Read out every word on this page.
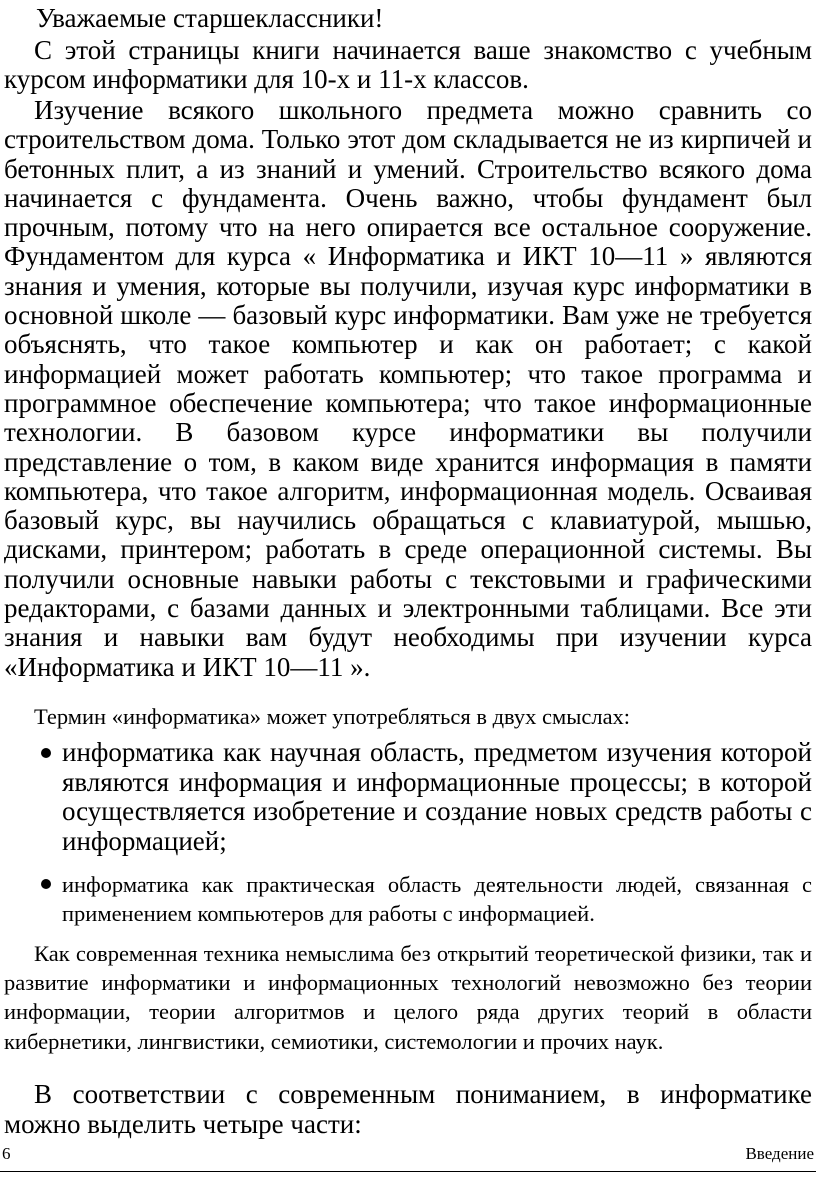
Уважаемые старшеклассники!

С этой страницы книги начинается ваше знакомство с учебным курсом информатики для 10-х и 11-х классов.

Изучение всякого школьного предмета можно сравнить со строительством дома. Только этот дом складывается не из кирпичей и бетонных плит, а из знаний и умений. Строительство всякого дома начинается с фундамента. Очень важно, чтобы фундамент был прочным, потому что на него опирается все остальное сооружение. Фундаментом для курса « Информатика и ИКТ 10—11 » являются знания и умения, которые вы получили, изучая курс информатики в основной школе — базовый курс информатики. Вам уже не требуется объяснять, что такое компьютер и как он работает; с какой информацией может работать компьютер; что такое программа и программное обеспечение компьютера; что такое информационные технологии. В базовом курсе информатики вы получили представление о том, в каком виде хранится информация в памяти компьютера, что такое алгоритм, информационная модель. Осваивая базовый курс, вы научились обращаться с клавиатурой, мышью, дисками, принтером; работать в среде операционной системы. Вы получили основные навыки работы с текстовыми и графическими редакторами, с базами данных и электронными таблицами. Все эти знания и навыки вам будут необходимы при изучении курса «Информатика и ИКТ 10—11 ».

Термин «информатика» может употребляться в двух смыслах:

информатика как научная область, предметом изучения которой являются информация и информационные процессы; в которой осуществляется изобретение и создание новых средств работы с информацией;
информатика как практическая область деятельности людей, связанная с применением компьютеров для работы с информацией.

Как современная техника немыслима без открытий теоретической физики, так и развитие информатики и информационных технологий невозможно без теории информации, теории алгоритмов и целого ряда других теорий в области кибернетики, лингвистики, семиотики, системологии и прочих наук.

В соответствии с современным пониманием, в информатике можно выделить четыре части:

6	Введение
